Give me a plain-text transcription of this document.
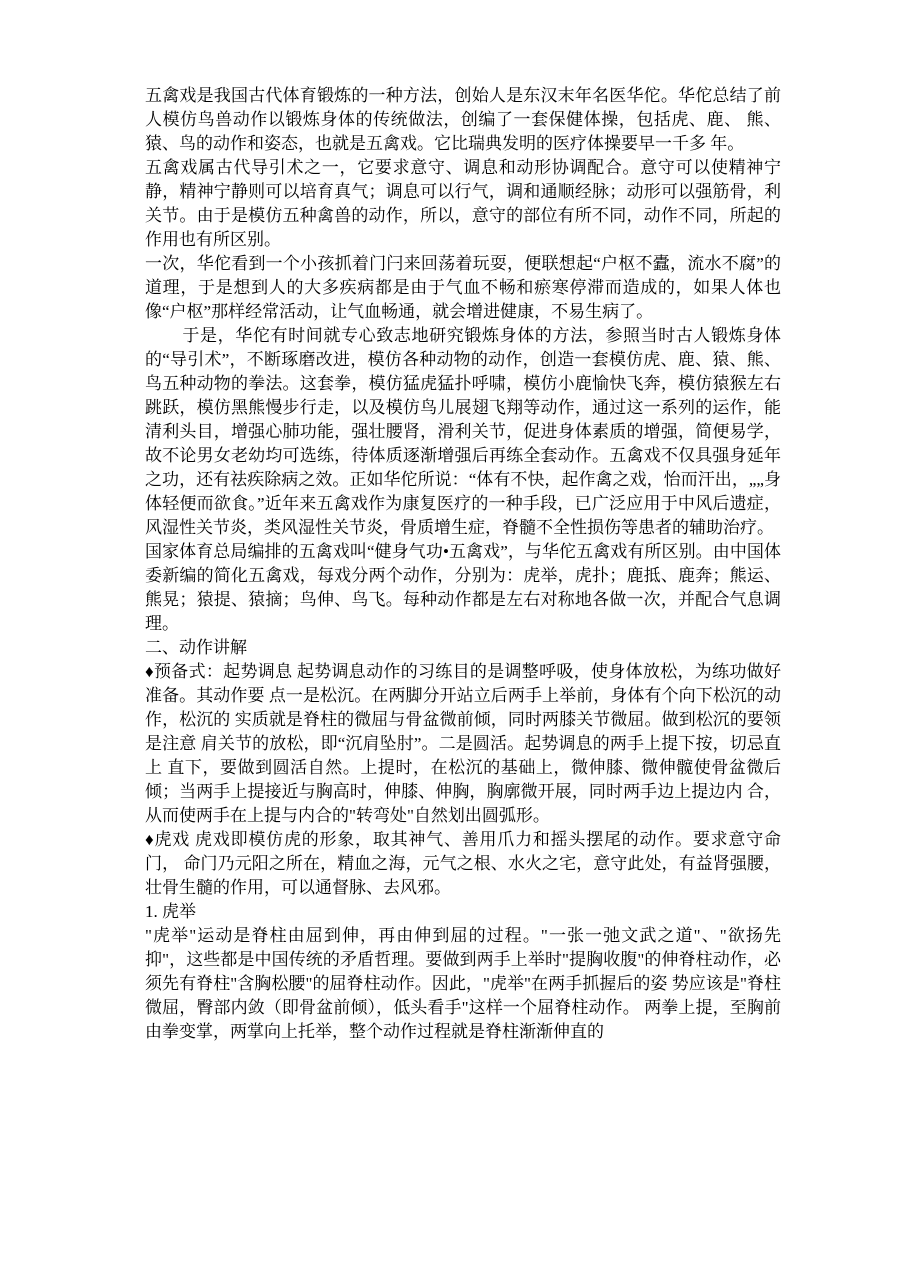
五禽戏是我国古代体育锻炼的一种方法，创始人是东汉末年名医华佗。华佗总结了前人模仿鸟兽动作以锻炼身体的传统做法，创编了一套保健体操，包括虎、鹿、 熊、猿、鸟的动作和姿态，也就是五禽戏。它比瑞典发明的医疗体操要早一千多 年。

五禽戏属古代导引术之一，它要求意守、调息和动形协调配合。意守可以使精神宁静，精神宁静则可以培育真气；调息可以行气，调和通顺经脉；动形可以强筋骨，利关节。由于是模仿五种禽兽的动作，所以，意守的部位有所不同，动作不同，所起的作用也有所区别。

一次，华佗看到一个小孩抓着门闩来回荡着玩耍，便联想起“户枢不蠹，流水不腐”的道理，于是想到人的大多疾病都是由于气血不畅和瘀寒停滞而造成的，如果人体也像“户枢”那样经常活动，让气血畅通，就会增进健康，不易生病了。

于是，华佗有时间就专心致志地研究锻炼身体的方法，参照当时古人锻炼身体的“导引术”，不断琢磨改进，模仿各种动物的动作，创造一套模仿虎、鹿、猿、熊、鸟五种动物的拳法。这套拳，模仿猛虎猛扑呼啸，模仿小鹿愉快飞奔，模仿猿猴左右跳跃，模仿黑熊慢步行走，以及模仿鸟儿展翅飞翔等动作，通过这一系列的运作，能清利头目，增强心肺功能，强壮腰肾，滑利关节，促进身体素质的增强，简便易学，故不论男女老幼均可选练，待体质逐渐增强后再练全套动作。五禽戏不仅具强身延年之功，还有祛疾除病之效。正如华佗所说：“体有不快，起作禽之戏，怡而汗出，„„身体轻便而欲食。”近年来五禽戏作为康复医疗的一种手段，已广泛应用于中风后遗症，风湿性关节炎，类风湿性关节炎，骨质增生症，脊髓不全性损伤等患者的辅助治疗。

国家体育总局编排的五禽戏叫“健身气功•五禽戏”，与华佗五禽戏有所区别。由中国体委新编的简化五禽戏，每戏分两个动作，分别为：虎举，虎扑；鹿抵、鹿奔；熊运、熊晃；猿提、猿摘；鸟伸、鸟飞。每种动作都是左右对称地各做一次，并配合气息调理。

二、动作讲解

♦预备式：起势调息 起势调息动作的习练目的是调整呼吸，使身体放松，为练功做好准备。其动作要 点一是松沉。在两脚分开站立后两手上举前，身体有个向下松沉的动作，松沉的 实质就是脊柱的微屈与骨盆微前倾，同时两膝关节微屈。做到松沉的要领是注意 肩关节的放松，即“沉肩坠肘”。二是圆活。起势调息的两手上提下按，切忌直上 直下，要做到圆活自然。上提时，在松沉的基础上，微伸膝、微伸髋使骨盆微后 倾；当两手上提接近与胸高时，伸膝、伸胸，胸廓微开展，同时两手边上提边内 合，从而使两手在上提与内合的"转弯处"自然划出圆弧形。

♦虎戏 虎戏即模仿虎的形象，取其神气、善用爪力和摇头摆尾的动作。要求意守命门， 命门乃元阳之所在，精血之海，元气之根、水火之宅，意守此处，有益肾强腰， 壮骨生髓的作用，可以通督脉、去风邪。

1. 虎举

"虎举"运动是脊柱由屈到伸，再由伸到屈的过程。"一张一弛文武之道"、"欲扬先抑"，这些都是中国传统的矛盾哲理。要做到两手上举时"提胸收腹"的伸脊柱动作，必须先有脊柱"含胸松腰"的屈脊柱动作。因此，"虎举"在两手抓握后的姿 势应该是"脊柱微屈，臀部内敛（即骨盆前倾），低头看手"这样一个屈脊柱动作。 两拳上提，至胸前由拳变掌，两掌向上托举，整个动作过程就是脊柱渐渐伸直的
